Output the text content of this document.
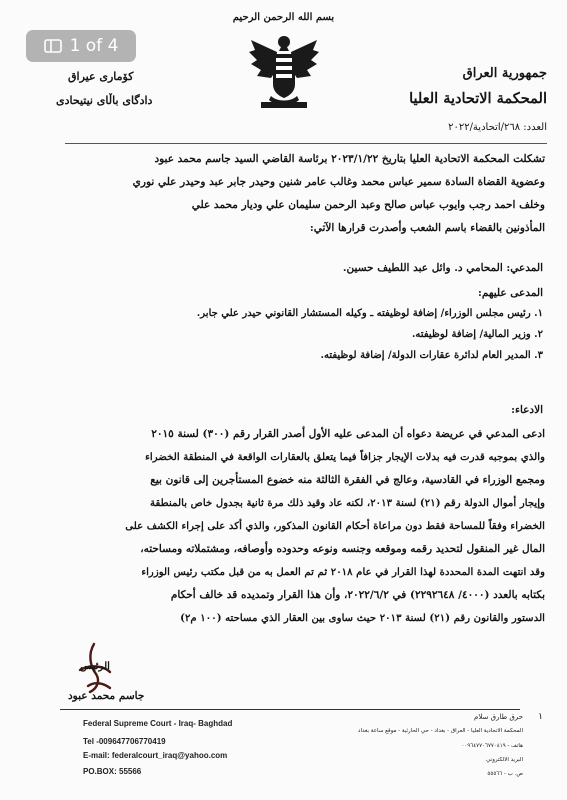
1 of 4
بسم الله الرحمن الرحيم
جمهورية العراق
المحكمة الاتحادية العليا
العدد: ٢٦٨/اتحادية/٢٠٢٢
كۆماری عیراق
دادگای باڵای نیتیحادی
تشكلت المحكمة الاتحادية العليا بتاريخ ٢٠٢٣/١/٢٢ برئاسة القاضي السيد جاسم محمد عبود
وعضوية القضاة السادة سمير عباس محمد وغالب عامر شنين وحيدر جابر عبد وحيدر علي نوري
وخلف احمد رجب وايوب عباس صالح وعبد الرحمن سليمان علي وديار محمد علي
المأذونين بالقضاء باسم الشعب وأصدرت قرارها الآتي:
المدعي: المحامي د. وائل عبد اللطيف حسين.
المدعى عليهم:
١. رئيس مجلس الوزراء/ إضافة لوظيفته ـ وكيله المستشار القانوني حيدر علي جابر.
٢. وزير المالية/ إضافة لوظيفته.
٣. المدير العام لدائرة عقارات الدولة/ إضافة لوظيفته.
الادعاء:
ادعى المدعي في عريضة دعواه أن المدعى عليه الأول أصدر القرار رقم (٣٠٠) لسنة ٢٠١٥
والذي بموجبه قدرت فيه بدلات الإيجار جزافاً فيما يتعلق بالعقارات الواقعة في المنطقة الخضراء
ومجمع الوزراء في القادسية، وعالج في الفقرة الثالثة منه خضوع المستأجرين إلى قانون بيع
وإيجار أموال الدولة رقم (٢١) لسنة ٢٠١٣، لكنه عاد وقيد ذلك مرة ثانية بجدول خاص بالمنطقة
الخضراء وفقاً للمساحة فقط دون مراعاة أحكام القانون المذكور، والذي أكد على إجراء الكشف على
المال غير المنقول لتحديد رقمه وموقعه وجنسه ونوعه وحدوده وأوصافه، ومشتملاته ومساحته،
وقد انتهت المدة المحددة لهذا القرار في عام ٢٠١٨ ثم تم العمل به من قبل مكتب رئيس الوزراء
بكتابه بالعدد (٤٠٠٠/ ٢٢٩٢٦٤٨) في ٢٠٢٢/٦/٢، وأن هذا القرار وتمديده قد خالف أحكام
الدستور والقانون رقم (٢١) لسنة ٢٠١٣ حيث ساوى بين العقار الذي مساحته (١٠٠ م٢)
الرئيس
جاسم محمد عبود
Federal Supreme Court - Iraq- Baghdad
Tel -009647706770419
E-mail: federalcourt_iraq@yahoo.com
PO.BOX: 55566
حرق طارق سلام
المحكمة الاتحادية العليا - العراق - بغداد - حي الحارثية - موقع ساعة بغداد
هاتف - ٠٠٩٦٤٧٧٠٦٧٧٠٤١٩
البريد الالكتروني
ص. ب - ٥٥٥٦٦
١
